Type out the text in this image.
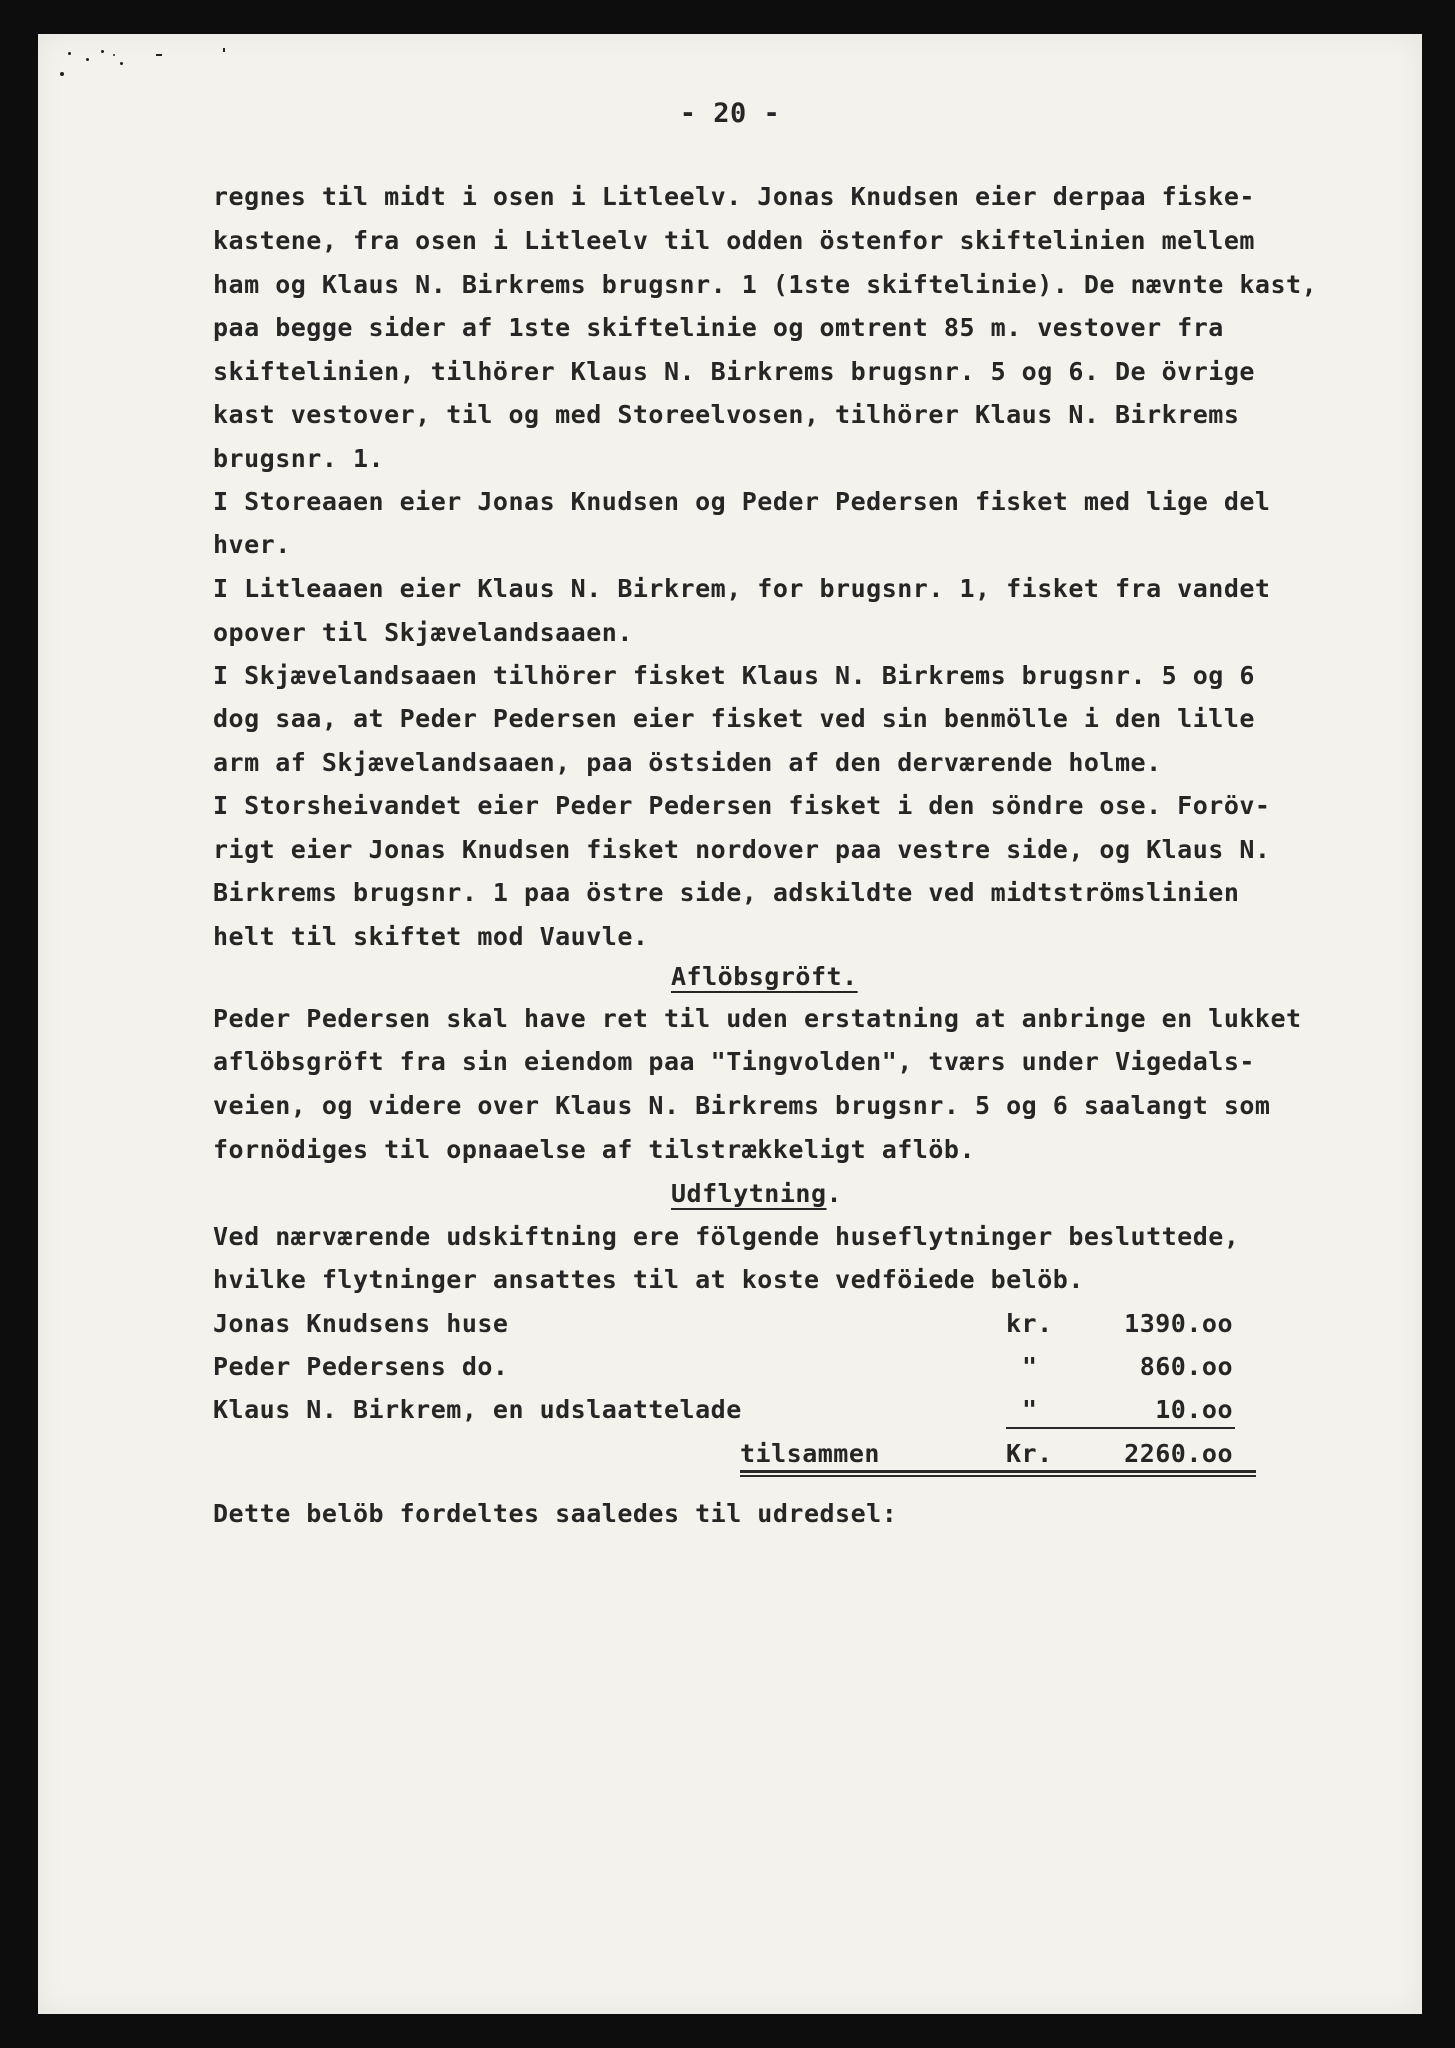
- 20 -
regnes til midt i osen i Litleelv. Jonas Knudsen eier derpaa fiske-
kastene, fra osen i Litleelv til odden östenfor skiftelinien mellem
ham og Klaus N. Birkrems brugsnr. 1 (1ste skiftelinie). De nævnte kast,
paa begge sider af 1ste skiftelinie og omtrent 85 m. vestover fra
skiftelinien, tilhörer Klaus N. Birkrems brugsnr. 5 og 6. De övrige
kast vestover, til og med Storeelvosen, tilhörer Klaus N. Birkrems
brugsnr. 1.
I Storeaaen eier Jonas Knudsen og Peder Pedersen fisket med lige del
hver.
I Litleaaen eier Klaus N. Birkrem, for brugsnr. 1, fisket fra vandet
opover til Skjævelandsaaen.
I Skjævelandsaaen tilhörer fisket Klaus N. Birkrems brugsnr. 5 og 6
dog saa, at Peder Pedersen eier fisket ved sin benmölle i den lille
arm af Skjævelandsaaen, paa östsiden af den derværende holme.
I Storsheivandet eier Peder Pedersen fisket i den söndre ose. Foröv-
rigt eier Jonas Knudsen fisket nordover paa vestre side, og Klaus N.
Birkrems brugsnr. 1 paa östre side, adskildte ved midtströmslinien
helt til skiftet mod Vauvle.
Aflöbsgröft.
Peder Pedersen skal have ret til uden erstatning at anbringe en lukket
aflöbsgröft fra sin eiendom paa "Tingvolden", tværs under Vigedals-
veien, og videre over Klaus N. Birkrems brugsnr. 5 og 6 saalangt som
fornödiges til opnaaelse af tilstrækkeligt aflöb.
Udflytning.
Ved nærværende udskiftning ere fölgende huseflytninger besluttede,
hvilke flytninger ansattes til at koste vedföiede belöb.
Jonas Knudsens huse	kr.	1390.oo
Peder Pedersens do.	"	860.oo
Klaus N. Birkrem, en udslaattelade	"	10.oo
tilsammen	Kr.	2260.oo
Dette belöb fordeltes saaledes til udredsel:
